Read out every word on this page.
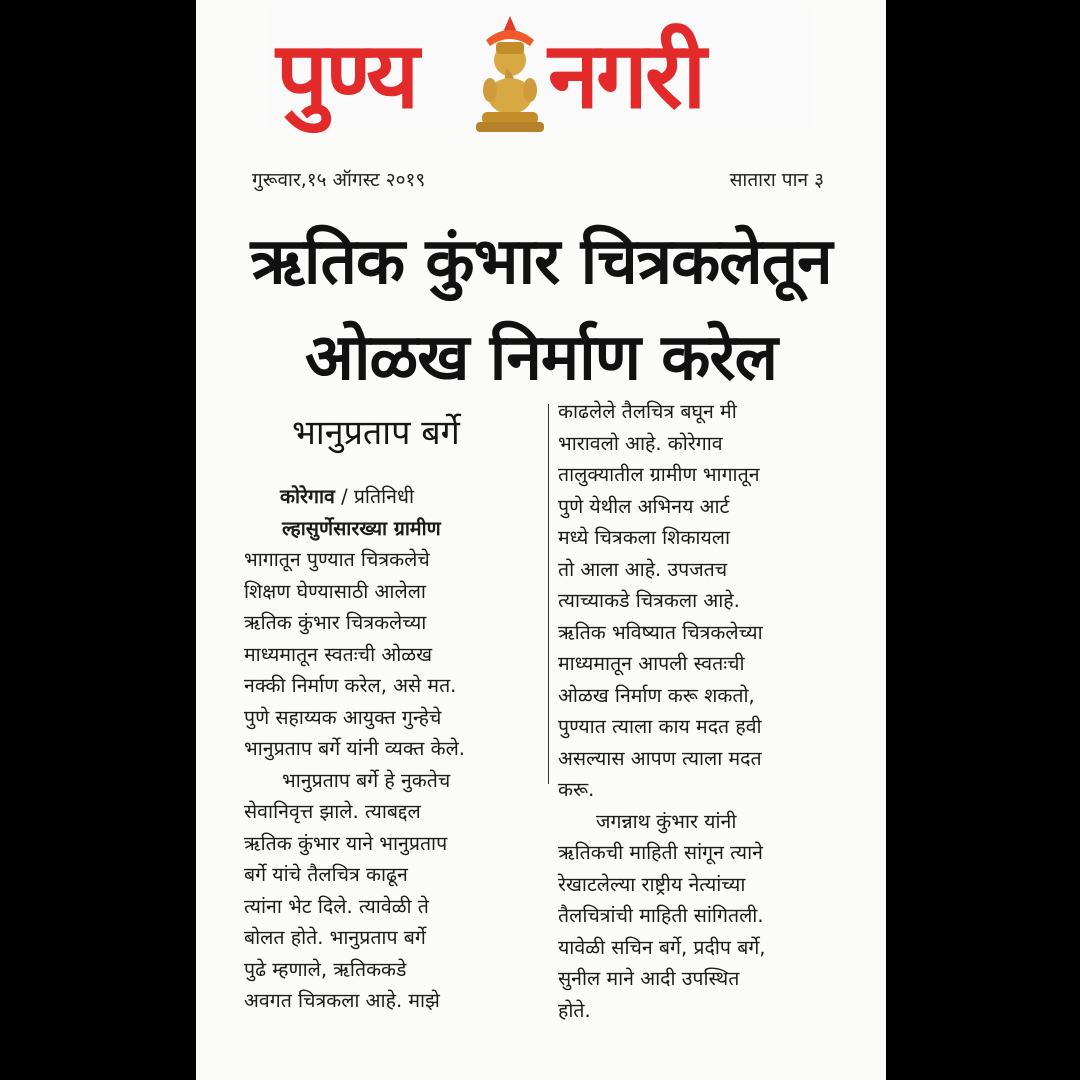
पुण्य नगरी
गुरूवार,१५ ऑगस्ट २०१९	सातारा पान ३
ऋतिक कुंभार चित्रकलेतून
ओळख निर्माण करेल
भानुप्रताप बर्गे

कोरेगाव / प्रतिनिधी

ल्हासुर्णेसारख्या ग्रामीण

भागातून पुण्यात चित्रकलेचे

शिक्षण घेण्यासाठी आलेला

ऋतिक कुंभार चित्रकलेच्या

माध्यमातून स्वतःची ओळख

नक्की निर्माण करेल, असे मत.

पुणे सहाय्यक आयुक्त गुन्हेचे

भानुप्रताप बर्गे यांनी व्यक्त केले.

भानुप्रताप बर्गे हे नुकतेच

सेवानिवृत्त झाले. त्याबद्दल

ऋतिक कुंभार याने भानुप्रताप

बर्गे यांचे तैलचित्र काढून

त्यांना भेट दिले. त्यावेळी ते

बोलत होते. भानुप्रताप बर्गे

पुढे म्हणाले, ऋतिककडे

अवगत चित्रकला आहे. माझे

काढलेले तैलचित्र बघून मी

भारावलो आहे. कोरेगाव

तालुक्यातील ग्रामीण भागातून

पुणे येथील अभिनय आर्ट

मध्ये चित्रकला शिकायला

तो आला आहे. उपजतच

त्याच्याकडे चित्रकला आहे.

ऋतिक भविष्यात चित्रकलेच्या

माध्यमातून आपली स्वतःची

ओळख निर्माण करू शकतो,

पुण्यात त्याला काय मदत हवी

असल्यास आपण त्याला मदत

करू.

जगन्नाथ कुंभार यांनी

ऋतिकची माहिती सांगून त्याने

रेखाटलेल्या राष्ट्रीय नेत्यांच्या

तैलचित्रांची माहिती सांगितली.

यावेळी सचिन बर्गे, प्रदीप बर्गे,

सुनील माने आदी उपस्थित

होते.
